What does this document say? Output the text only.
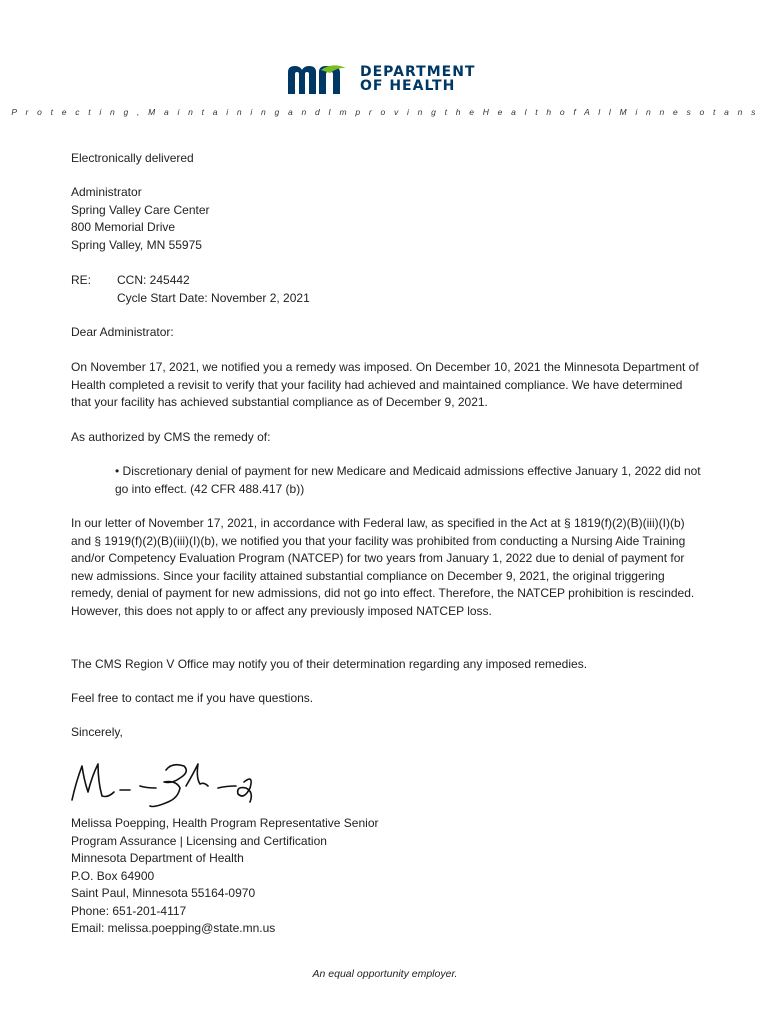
DEPARTMENT
OF HEALTH
P r o t e c t i n g , M a i n t a i n i n g a n d I m p r o v i n g t h e H e a l t h o f A l l M i n n e s o t a n s
Electronically delivered
Administrator
Spring Valley Care Center
800 Memorial Drive
Spring Valley, MN 55975
RE: CCN: 245442
Cycle Start Date: November 2, 2021
Dear Administrator:
On November 17, 2021, we notified you a remedy was imposed. On December 10, 2021 the Minnesota Department of Health completed a revisit to verify that your facility had achieved and maintained compliance. We have determined that your facility has achieved substantial compliance as of December 9, 2021.
As authorized by CMS the remedy of:
• Discretionary denial of payment for new Medicare and Medicaid admissions effective January 1, 2022 did not go into effect. (42 CFR 488.417 (b))
In our letter of November 17, 2021, in accordance with Federal law, as specified in the Act at § 1819(f)(2)(B)(iii)(I)(b) and § 1919(f)(2)(B)(iii)(I)(b), we notified you that your facility was prohibited from conducting a Nursing Aide Training and/or Competency Evaluation Program (NATCEP) for two years from January 1, 2022 due to denial of payment for new admissions. Since your facility attained substantial compliance on December 9, 2021, the original triggering remedy, denial of payment for new admissions, did not go into effect. Therefore, the NATCEP prohibition is rescinded. However, this does not apply to or affect any previously imposed NATCEP loss.
The CMS Region V Office may notify you of their determination regarding any imposed remedies.
Feel free to contact me if you have questions.
Sincerely,
Melissa Poepping, Health Program Representative Senior
Program Assurance | Licensing and Certification
Minnesota Department of Health
P.O. Box 64900
Saint Paul, Minnesota 55164-0970
Phone: 651-201-4117
Email: melissa.poepping@state.mn.us
An equal opportunity employer.
